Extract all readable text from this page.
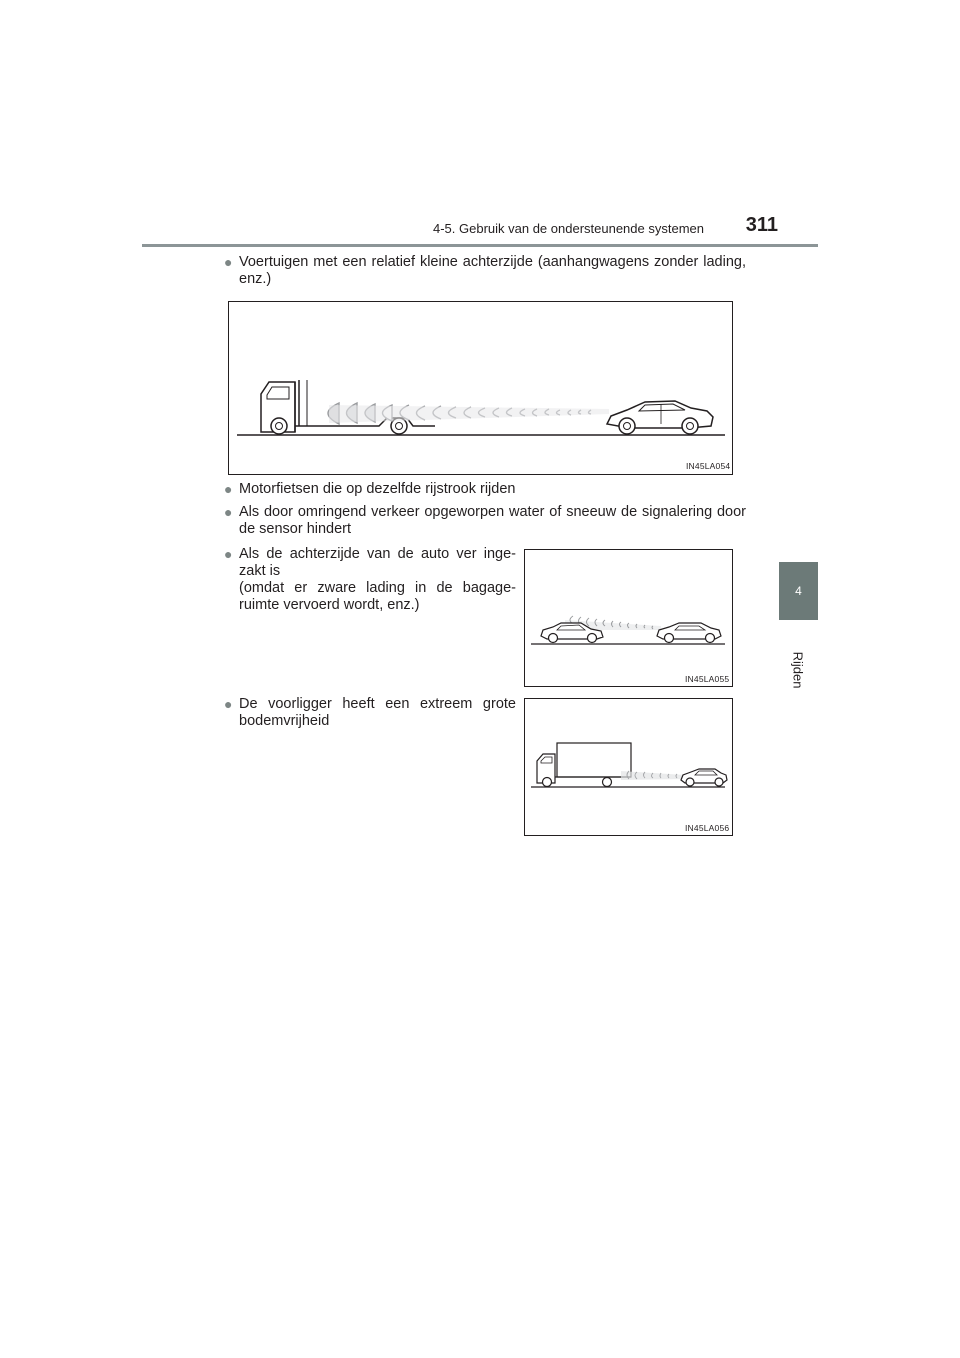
4-5. Gebruik van de ondersteunende systemen	311
4
Rijden
● Voertuigen met een relatief kleine achterzijde (aanhangwagens zonder lading, enz.)
IN45LA054
● Motorfietsen die op dezelfde rijstrook rijden
● Als door omringend verkeer opgeworpen water of sneeuw de signalering door de sensor hindert
● Als de achterzijde van de auto ver inge-
zakt is
(omdat er zware lading in de bagage-
ruimte vervoerd wordt, enz.)
IN45LA055
● De voorligger heeft een extreem grote bodemvrijheid
IN45LA056
